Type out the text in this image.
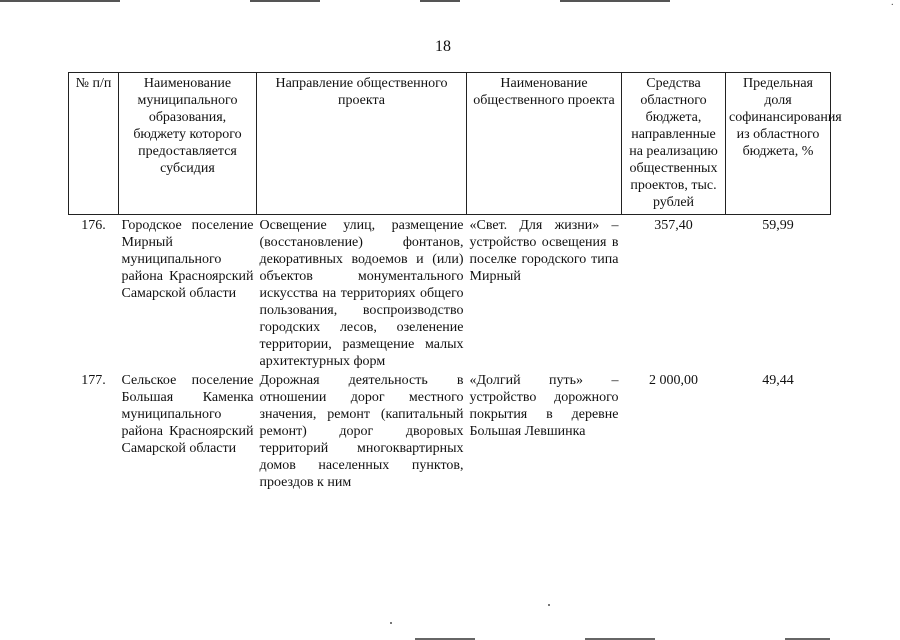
·
18
№ п/п	Наименование муниципального образования, бюджету которого предоставляется субсидия	Направление общественного проекта	Наименование общественного проекта	Средства областного бюджета, направленные на реализацию общественных проектов, тыс. рублей	Предельная доля софинансирования из областного бюджета, %

176.	Городское поселение Мирный муниципального района Красноярский Самарской области	Освещение улиц, размещение (восстановление) фонтанов, декоративных водоемов и (или) объектов монументального искусства на территориях общего пользования, воспроизводство городских лесов, озеленение территории, размещение малых архитектурных форм	«Свет. Для жизни» – устройство освещения в поселке городского типа Мирный	357,40	59,99

177.	Сельское поселение Большая Каменка муниципального района Красноярский Самарской области	Дорожная деятельность в отношении дорог местного значения, ремонт (капитальный ремонт) дорог дворовых территорий многоквартирных домов населенных пунктов, проездов к ним	«Долгий путь» – устройство дорожного покрытия в деревне Большая Левшинка	2 000,00	49,44
